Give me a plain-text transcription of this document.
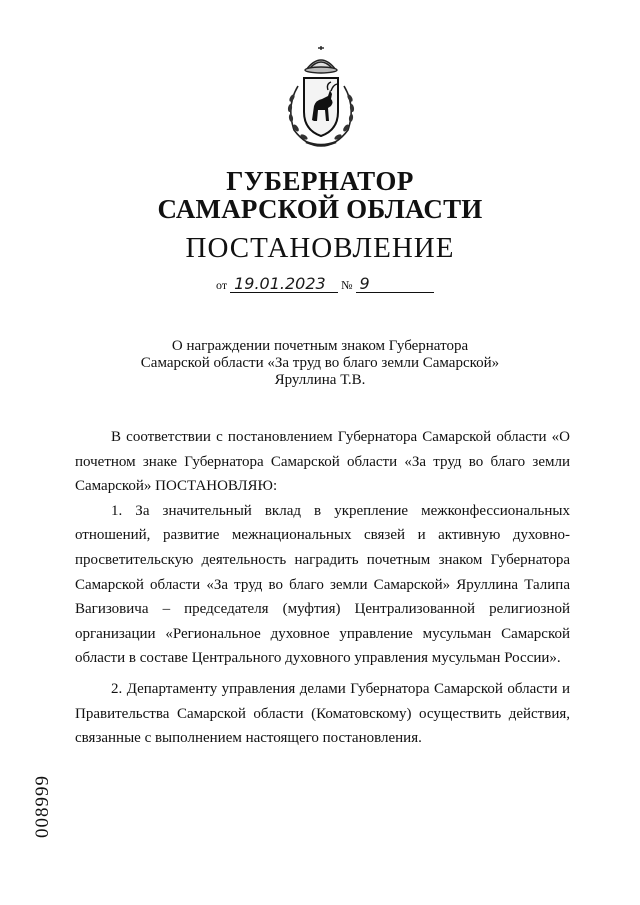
ГУБЕРНАТОР
САМАРСКОЙ ОБЛАСТИ
ПОСТАНОВЛЕНИЕ
от 19.01.2023 № 9
О награждении почетным знаком Губернатора
Самарской области «За труд во благо земли Самарской»
Яруллина Т.В.

В соответствии с постановлением Губернатора Самарской области «О почетном знаке Губернатора Самарской области «За труд во благо земли Самарской» ПОСТАНОВЛЯЮ:

1. За значительный вклад в укрепление межконфессиональных отношений, развитие межнациональных связей и активную духовно-просветительскую деятельность наградить почетным знаком Губернатора Самарской области «За труд во благо земли Самарской» Яруллина Талипа Вагизовича – председателя (муфтия) Централизованной религиозной организации «Региональное духовное управление мусульман Самарской области в составе Центрального духовного управления мусульман России».

2. Департаменту управления делами Губернатора Самарской области и Правительства Самарской области (Коматовскому) осуществить действия, связанные с выполнением настоящего постановления.

008999
